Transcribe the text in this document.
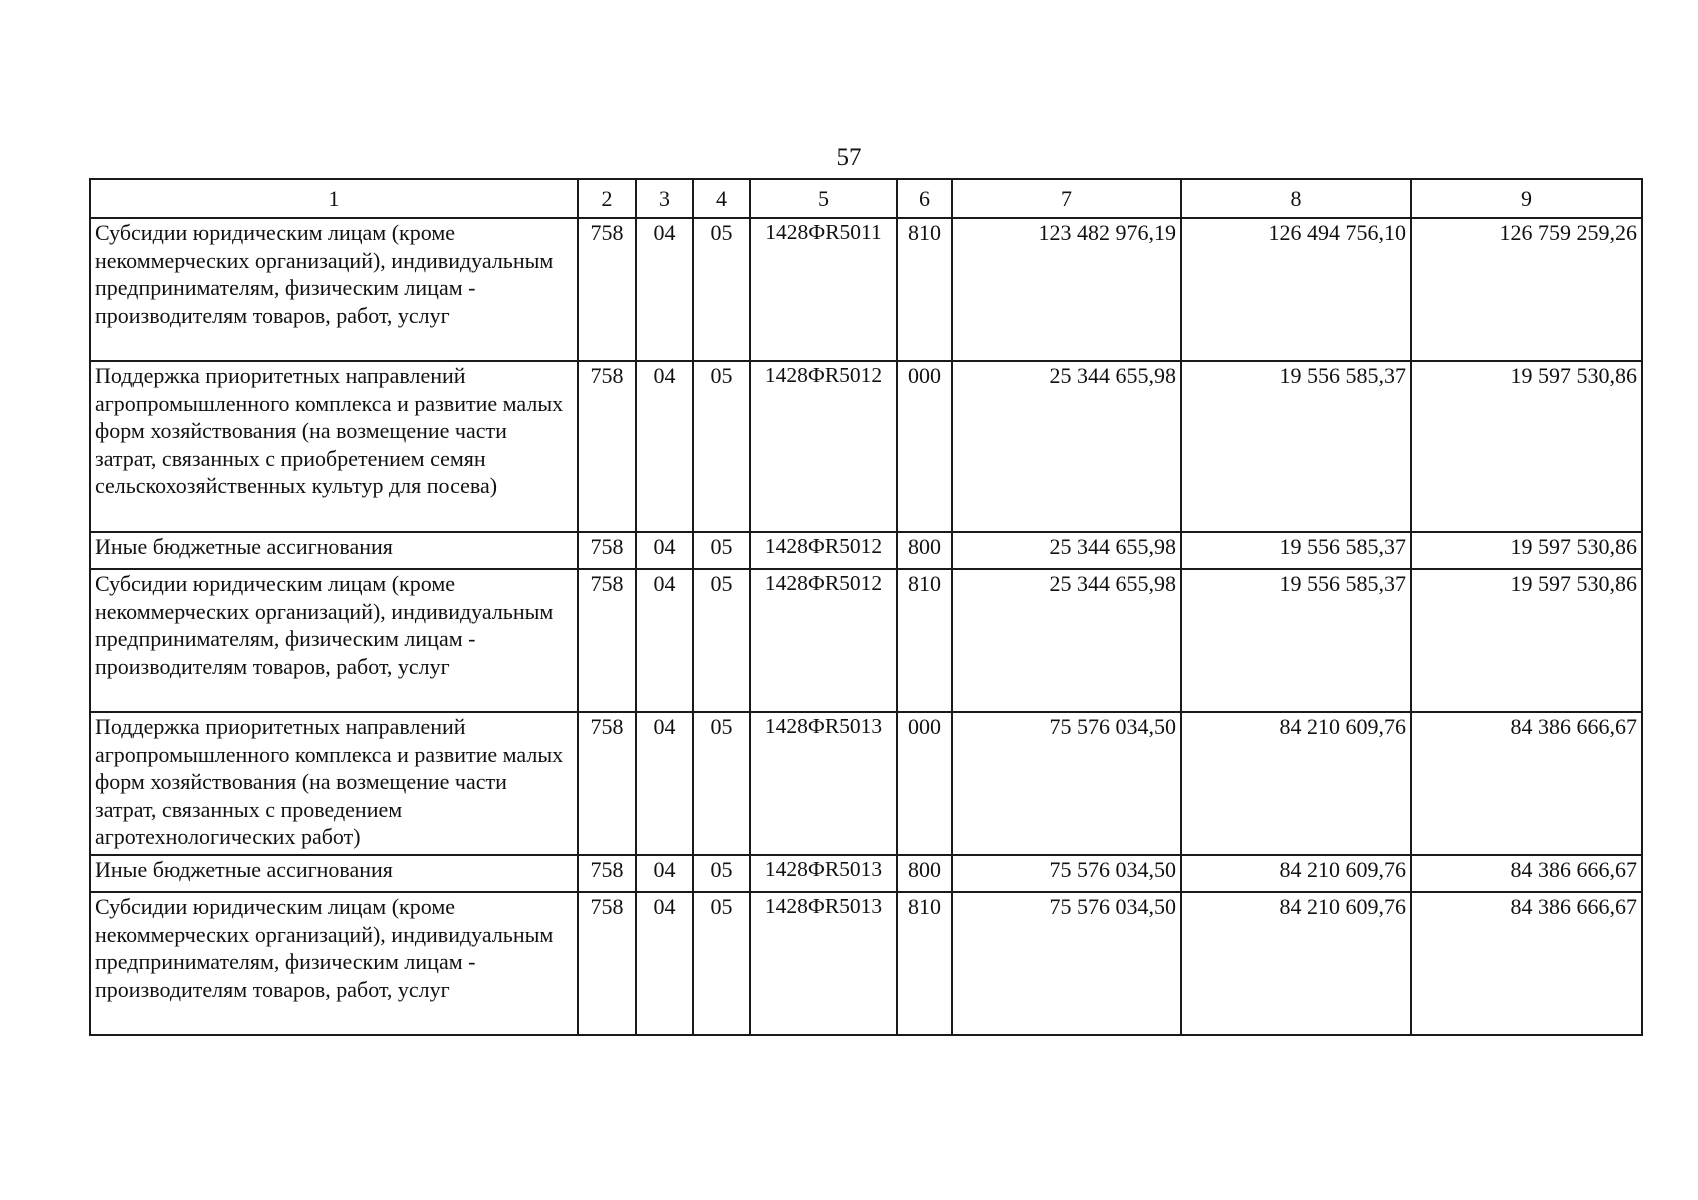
57
1	2	3	4	5	6	7	8	9
Субсидии юридическим лицам (кроме некоммерческих организаций), индивидуальным предпринимателям, физическим лицам - производителям товаров, работ, услуг	758	04	05	1428ФR5011	810	123 482 976,19	126 494 756,10	126 759 259,26
Поддержка приоритетных направлений агропромышленного комплекса и развитие малых форм хозяйствования (на возмещение части затрат, связанных с приобретением семян сельскохозяйственных культур для посева)	758	04	05	1428ФR5012	000	25 344 655,98	19 556 585,37	19 597 530,86
Иные бюджетные ассигнования	758	04	05	1428ФR5012	800	25 344 655,98	19 556 585,37	19 597 530,86
Субсидии юридическим лицам (кроме некоммерческих организаций), индивидуальным предпринимателям, физическим лицам - производителям товаров, работ, услуг	758	04	05	1428ФR5012	810	25 344 655,98	19 556 585,37	19 597 530,86
Поддержка приоритетных направлений агропромышленного комплекса и развитие малых форм хозяйствования (на возмещение части затрат, связанных с проведением агротехнологических работ)	758	04	05	1428ФR5013	000	75 576 034,50	84 210 609,76	84 386 666,67
Иные бюджетные ассигнования	758	04	05	1428ФR5013	800	75 576 034,50	84 210 609,76	84 386 666,67
Субсидии юридическим лицам (кроме некоммерческих организаций), индивидуальным предпринимателям, физическим лицам - производителям товаров, работ, услуг	758	04	05	1428ФR5013	810	75 576 034,50	84 210 609,76	84 386 666,67
